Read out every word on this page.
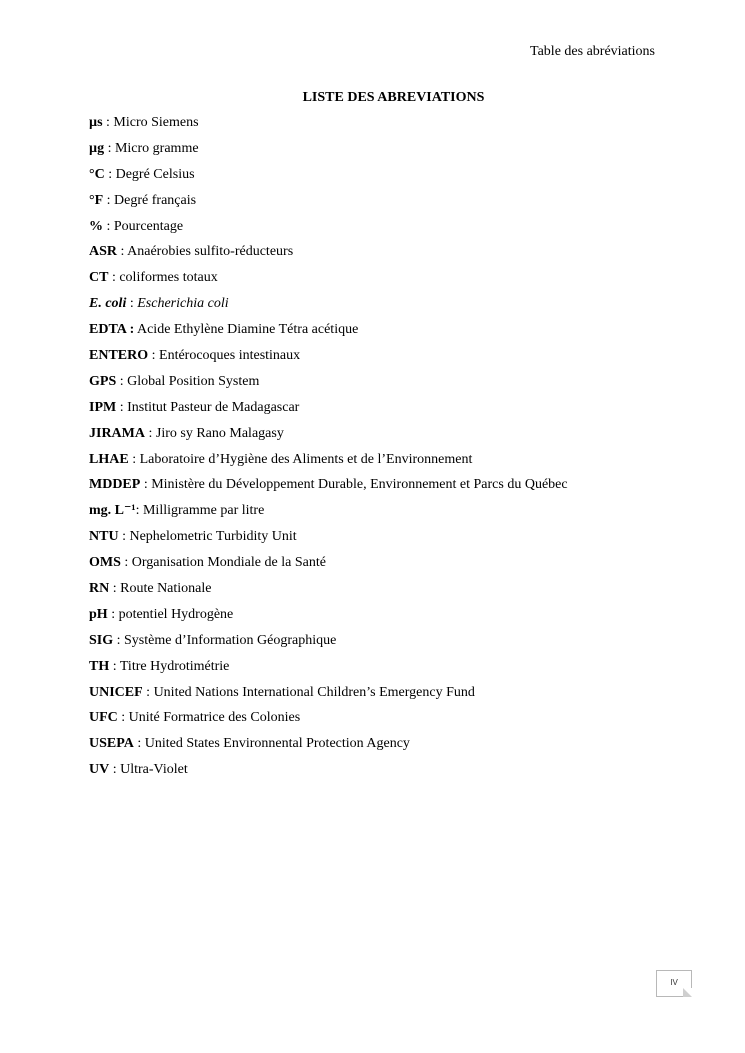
Table des abréviations
LISTE DES ABREVIATIONS
µs : Micro Siemens
µg : Micro gramme
°C : Degré Celsius
°F : Degré français
% : Pourcentage
ASR : Anaérobies sulfito-réducteurs
CT : coliformes totaux
E. coli : Escherichia coli
EDTA : Acide Ethylène Diamine Tétra acétique
ENTERO : Entérocoques intestinaux
GPS : Global Position System
IPM : Institut Pasteur de Madagascar
JIRAMA : Jiro sy Rano Malagasy
LHAE : Laboratoire d’Hygiène des Aliments et de l’Environnement
MDDEP : Ministère du Développement Durable, Environnement et Parcs du Québec
mg. L⁻¹: Milligramme par litre
NTU : Nephelometric Turbidity Unit
OMS : Organisation Mondiale de la Santé
RN : Route Nationale
pH : potentiel Hydrogène
SIG : Système d’Information Géographique
TH : Titre Hydrotimétrie
UNICEF : United Nations International Children’s Emergency Fund
UFC : Unité Formatrice des Colonies
USEPA : United States Environnental Protection Agency
UV : Ultra-Violet
IV
